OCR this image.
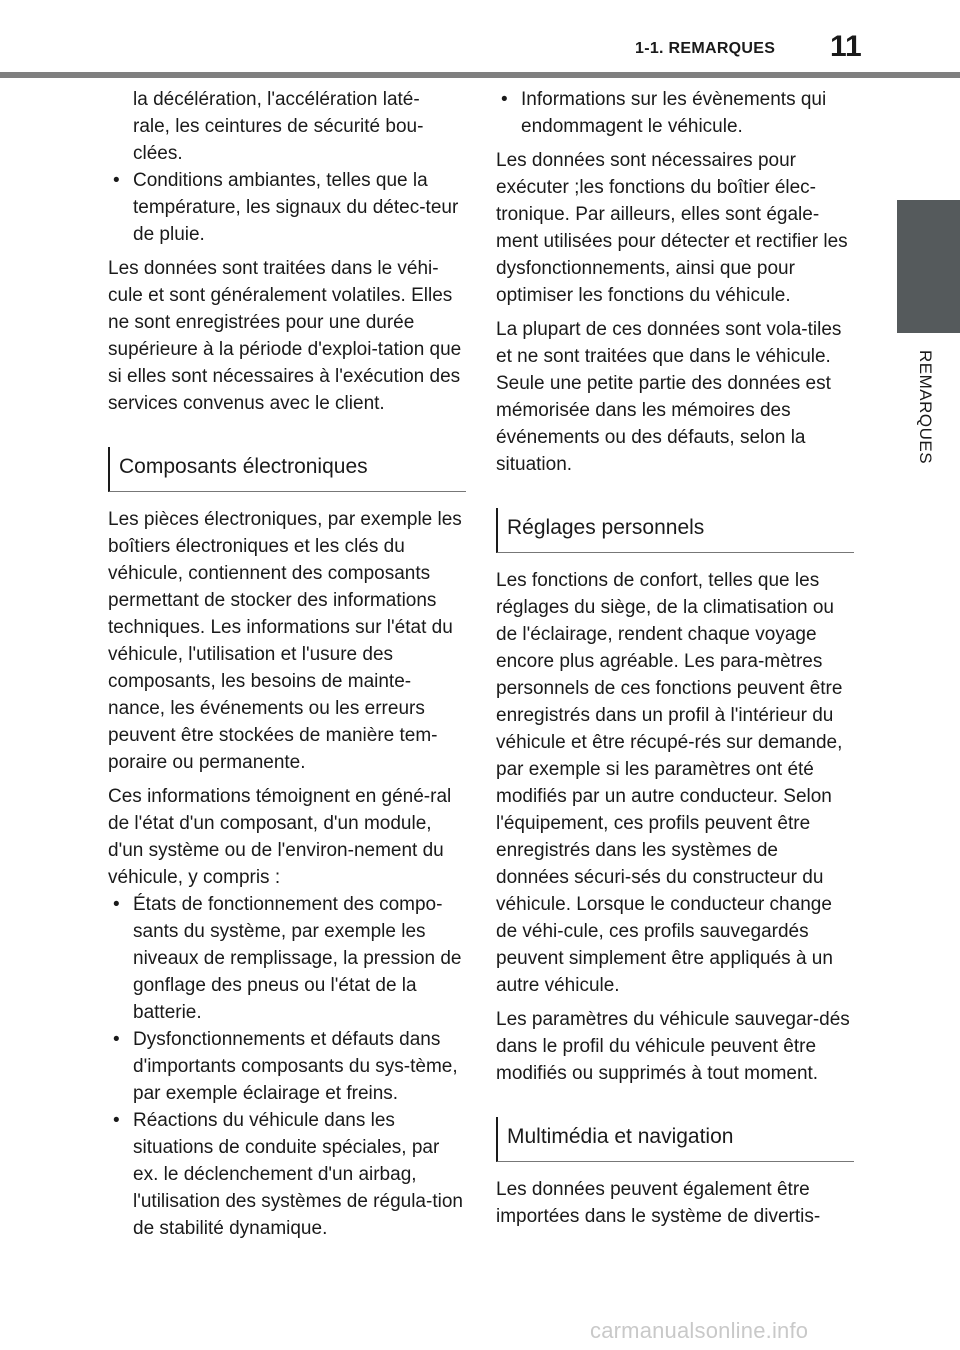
1-1. REMARQUES 11
1
REMARQUES
la décélération, l'accélération laté-
rale, les ceintures de sécurité bou-
clées.
• Conditions ambiantes, telles que la température, les signaux du détec-teur de pluie.

Les données sont traitées dans le véhi-cule et sont généralement volatiles. Elles ne sont enregistrées pour une durée supérieure à la période d'exploi-tation que si elles sont nécessaires à l'exécution des services convenus avec le client.

Composants électroniques

Les pièces électroniques, par exemple les boîtiers électroniques et les clés du véhicule, contiennent des composants permettant de stocker des informations techniques. Les informations sur l'état du véhicule, l'utilisation et l'usure des composants, les besoins de mainte-nance, les événements ou les erreurs peuvent être stockées de manière tem-poraire ou permanente.

Ces informations témoignent en géné-ral de l'état d'un composant, d'un module, d'un système ou de l'environ-nement du véhicule, y compris :

• États de fonctionnement des compo-sants du système, par exemple les niveaux de remplissage, la pression de gonflage des pneus ou l'état de la batterie.
• Dysfonctionnements et défauts dans d'importants composants du sys-tème, par exemple éclairage et freins.
• Réactions du véhicule dans les situations de conduite spéciales, par ex. le déclenchement d'un airbag, l'utilisation des systèmes de régula-tion de stabilité dynamique.
• Informations sur les évènements qui endommagent le véhicule.

Les données sont nécessaires pour exécuter ;les fonctions du boîtier élec-tronique. Par ailleurs, elles sont égale-ment utilisées pour détecter et rectifier les dysfonctionnements, ainsi que pour optimiser les fonctions du véhicule.

La plupart de ces données sont vola-tiles et ne sont traitées que dans le véhicule. Seule une petite partie des données est mémorisée dans les mémoires des événements ou des défauts, selon la situation.

Réglages personnels

Les fonctions de confort, telles que les réglages du siège, de la climatisation ou de l'éclairage, rendent chaque voyage encore plus agréable. Les para-mètres personnels de ces fonctions peuvent être enregistrés dans un profil à l'intérieur du véhicule et être récupé-rés sur demande, par exemple si les paramètres ont été modifiés par un autre conducteur. Selon l'équipement, ces profils peuvent être enregistrés dans les systèmes de données sécuri-sés du constructeur du véhicule. Lorsque le conducteur change de véhi-cule, ces profils sauvegardés peuvent simplement être appliqués à un autre véhicule.

Les paramètres du véhicule sauvegar-dés dans le profil du véhicule peuvent être modifiés ou supprimés à tout moment.

Multimédia et navigation

Les données peuvent également être importées dans le système de divertis-

carmanualsonline.info
